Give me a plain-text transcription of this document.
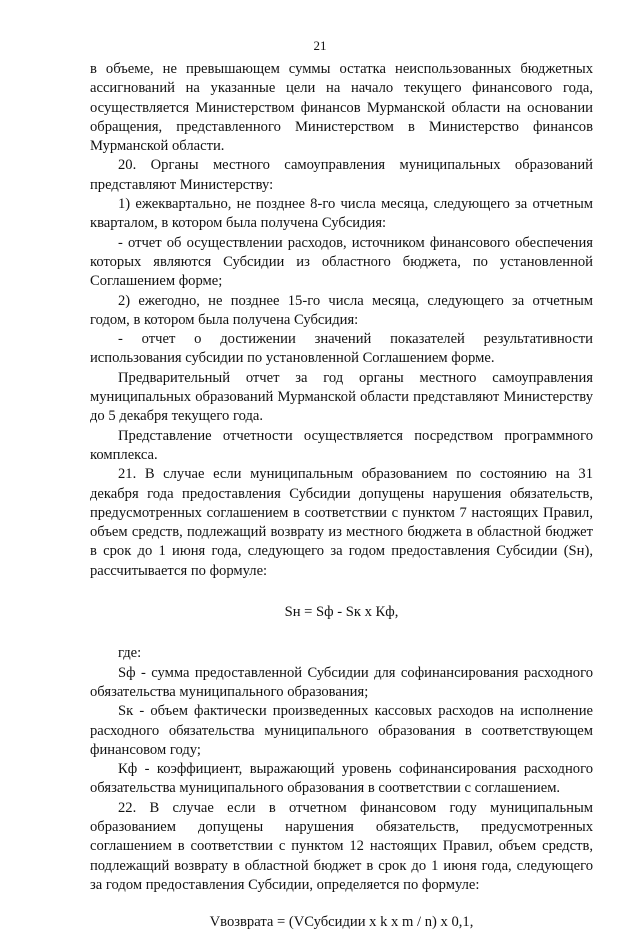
21

в объеме, не превышающем суммы остатка неиспользованных бюджетных ассигнований на указанные цели на начало текущего финансового года, осуществляется Министерством финансов Мурманской области на основании обращения, представленного Министерством в Министерство финансов Мурманской области.

20. Органы местного самоуправления муниципальных образований представляют Министерству:

1) ежеквартально, не позднее 8-го числа месяца, следующего за отчетным кварталом, в котором была получена Субсидия:

- отчет об осуществлении расходов, источником финансового обеспечения которых являются Субсидии из областного бюджета, по установленной Соглашением форме;

2) ежегодно, не позднее 15-го числа месяца, следующего за отчетным годом, в котором была получена Субсидия:

- отчет о достижении значений показателей результативности использования субсидии по установленной Соглашением форме.

Предварительный отчет за год органы местного самоуправления муниципальных образований Мурманской области представляют Министерству до 5 декабря текущего года.

Представление отчетности осуществляется посредством программного комплекса.

21. В случае если муниципальным образованием по состоянию на 31 декабря года предоставления Субсидии допущены нарушения обязательств, предусмотренных соглашением в соответствии с пунктом 7 настоящих Правил, объем средств, подлежащий возврату из местного бюджета в областной бюджет в срок до 1 июня года, следующего за годом предоставления Субсидии (Sн), рассчитывается по формуле:

Sн = Sф - Sк х Кф,

где:

Sф - сумма предоставленной Субсидии для софинансирования расходного обязательства муниципального образования;

Sк - объем фактически произведенных кассовых расходов на исполнение расходного обязательства муниципального образования в соответствующем финансовом году;

Кф - коэффициент, выражающий уровень софинансирования расходного обязательства муниципального образования в соответствии с соглашением.

22. В случае если в отчетном финансовом году муниципальным образованием допущены нарушения обязательств, предусмотренных соглашением в соответствии с пунктом 12 настоящих Правил, объем средств, подлежащий возврату в областной бюджет в срок до 1 июня года, следующего за годом предоставления Субсидии, определяется по формуле:

Vвозврата = (VСубсидии х k х m / n) х 0,1,
